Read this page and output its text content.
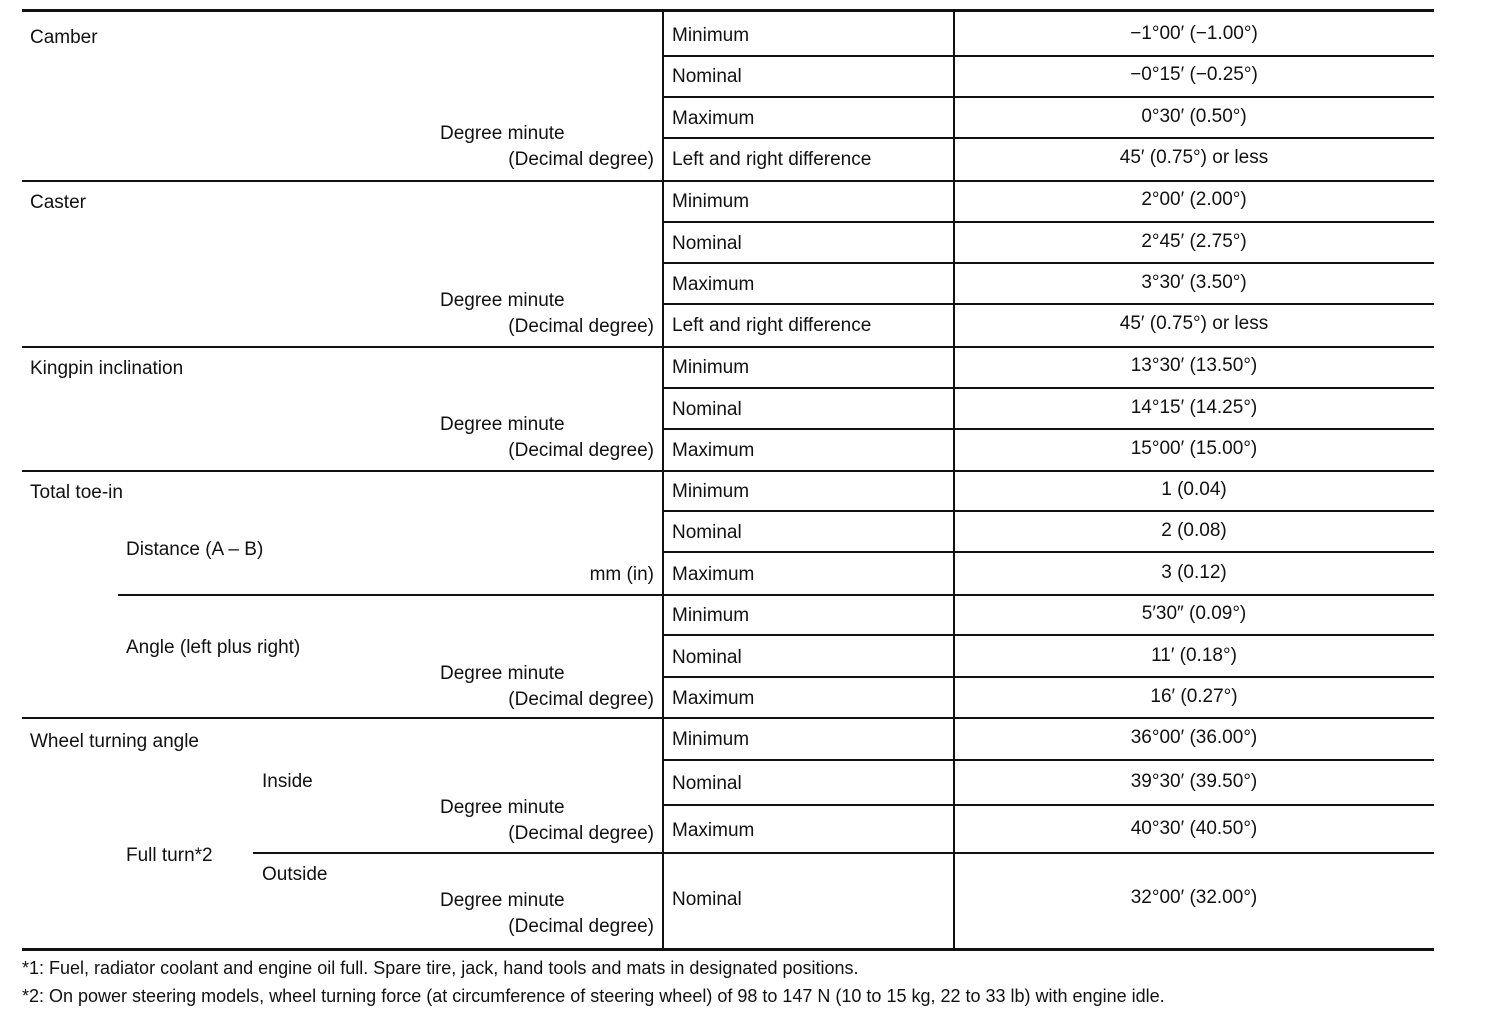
Camber
Degree minute
(Decimal degree)
Minimum	−1°00′ (−1.00°)
Nominal	−0°15′ (−0.25°)
Maximum	0°30′ (0.50°)
Left and right difference	45′ (0.75°) or less
Caster
Degree minute
(Decimal degree)
Minimum	2°00′ (2.00°)
Nominal	2°45′ (2.75°)
Maximum	3°30′ (3.50°)
Left and right difference	45′ (0.75°) or less
Kingpin inclination
Degree minute
(Decimal degree)
Minimum	13°30′ (13.50°)
Nominal	14°15′ (14.25°)
Maximum	15°00′ (15.00°)
Total toe-in
Distance (A – B)
mm (in)
Minimum	1 (0.04)
Nominal	2 (0.08)
Maximum	3 (0.12)
Angle (left plus right)
Degree minute
(Decimal degree)
Minimum	5′30″ (0.09°)
Nominal	11′ (0.18°)
Maximum	16′ (0.27°)
Wheel turning angle
Full turn*2
Inside
Degree minute
(Decimal degree)
Minimum	36°00′ (36.00°)
Nominal	39°30′ (39.50°)
Maximum	40°30′ (40.50°)
Outside
Degree minute
(Decimal degree)
Nominal	32°00′ (32.00°)
*1: Fuel, radiator coolant and engine oil full. Spare tire, jack, hand tools and mats in designated positions.
*2: On power steering models, wheel turning force (at circumference of steering wheel) of 98 to 147 N (10 to 15 kg, 22 to 33 lb) with engine idle.
